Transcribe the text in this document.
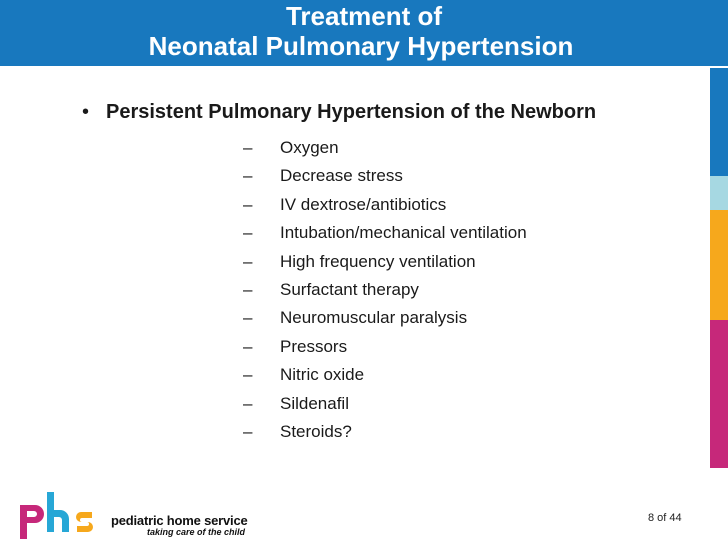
Treatment of
Neonatal Pulmonary Hypertension
• Persistent Pulmonary Hypertension of the Newborn
– Oxygen
– Decrease stress
– IV dextrose/antibiotics
– Intubation/mechanical ventilation
– High frequency ventilation
– Surfactant therapy
– Neuromuscular paralysis
– Pressors
– Nitric oxide
– Sildenafil
– Steroids?
pediatric home service
taking care of the child
8 of 44
